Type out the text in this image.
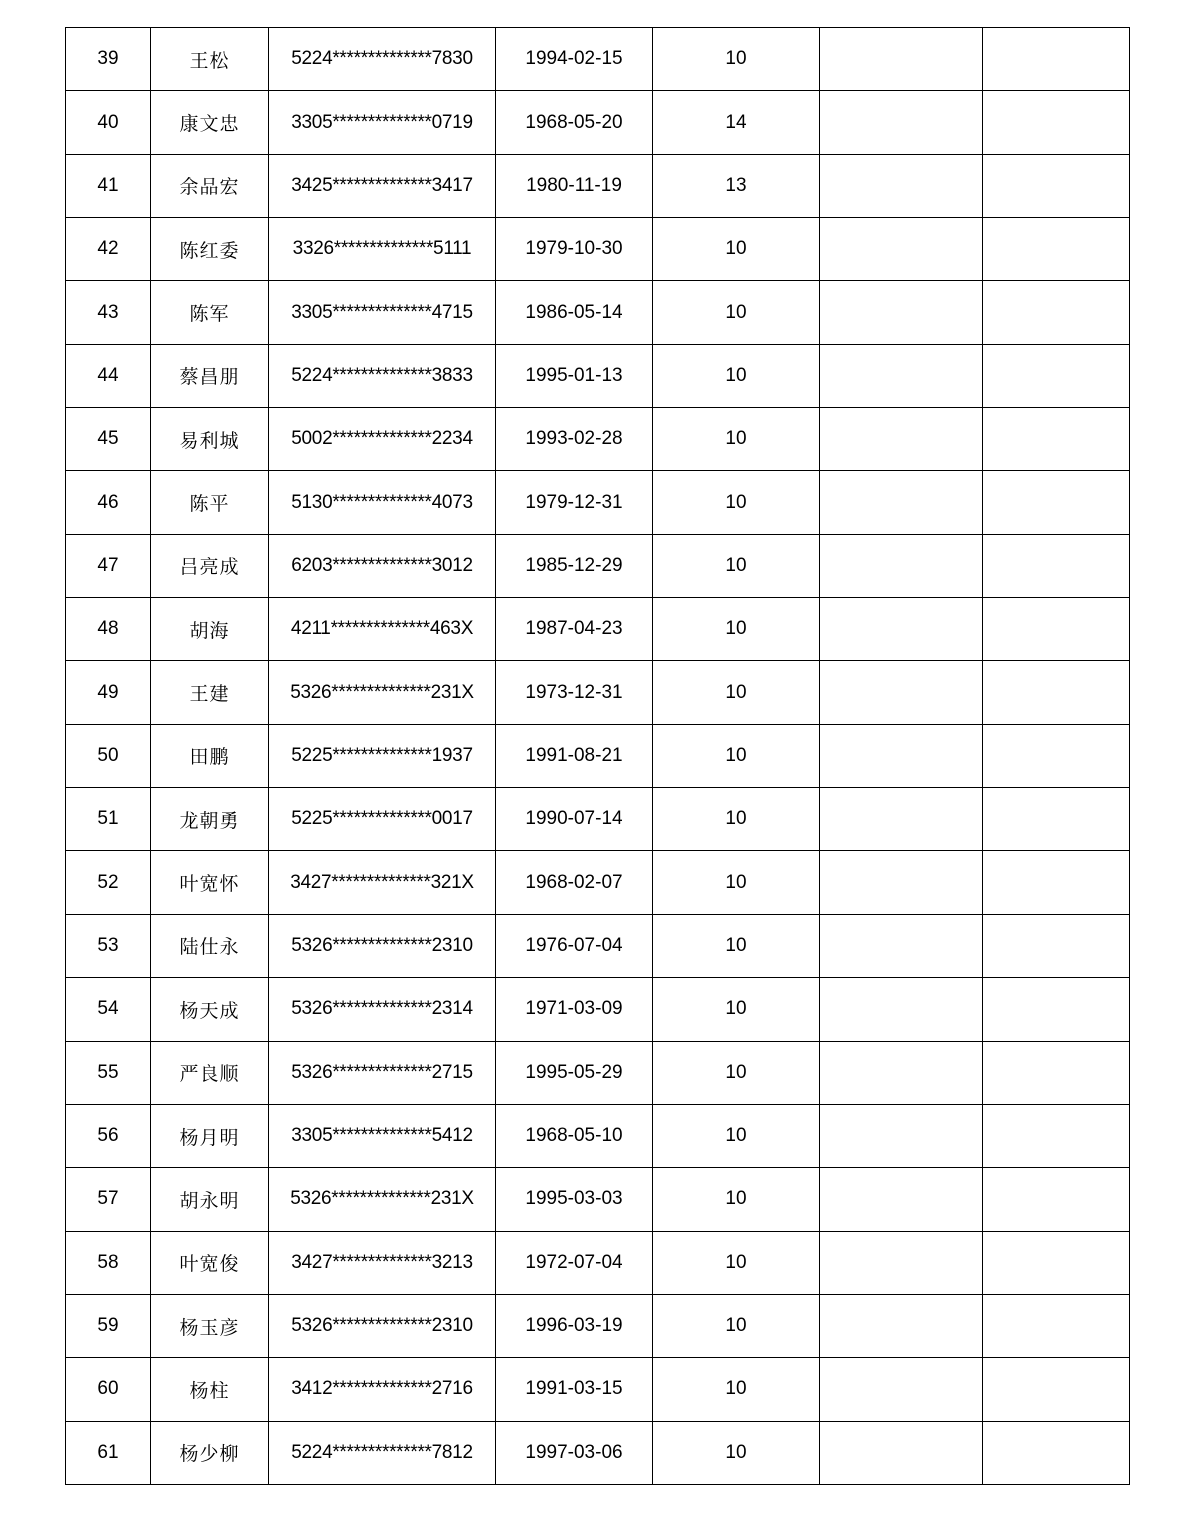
39	王松	5224**************7830	1994-02-15	10		
40	康文忠	3305**************0719	1968-05-20	14		
41	余品宏	3425**************3417	1980-11-19	13		
42	陈红委	3326**************5111	1979-10-30	10		
43	陈军	3305**************4715	1986-05-14	10		
44	蔡昌朋	5224**************3833	1995-01-13	10		
45	易利城	5002**************2234	1993-02-28	10		
46	陈平	5130**************4073	1979-12-31	10		
47	吕亮成	6203**************3012	1985-12-29	10		
48	胡海	4211**************463X	1987-04-23	10		
49	王建	5326**************231X	1973-12-31	10		
50	田鹏	5225**************1937	1991-08-21	10		
51	龙朝勇	5225**************0017	1990-07-14	10		
52	叶宽怀	3427**************321X	1968-02-07	10		
53	陆仕永	5326**************2310	1976-07-04	10		
54	杨天成	5326**************2314	1971-03-09	10		
55	严良顺	5326**************2715	1995-05-29	10		
56	杨月明	3305**************5412	1968-05-10	10		
57	胡永明	5326**************231X	1995-03-03	10		
58	叶宽俊	3427**************3213	1972-07-04	10		
59	杨玉彦	5326**************2310	1996-03-19	10		
60	杨柱	3412**************2716	1991-03-15	10		
61	杨少柳	5224**************7812	1997-03-06	10		
